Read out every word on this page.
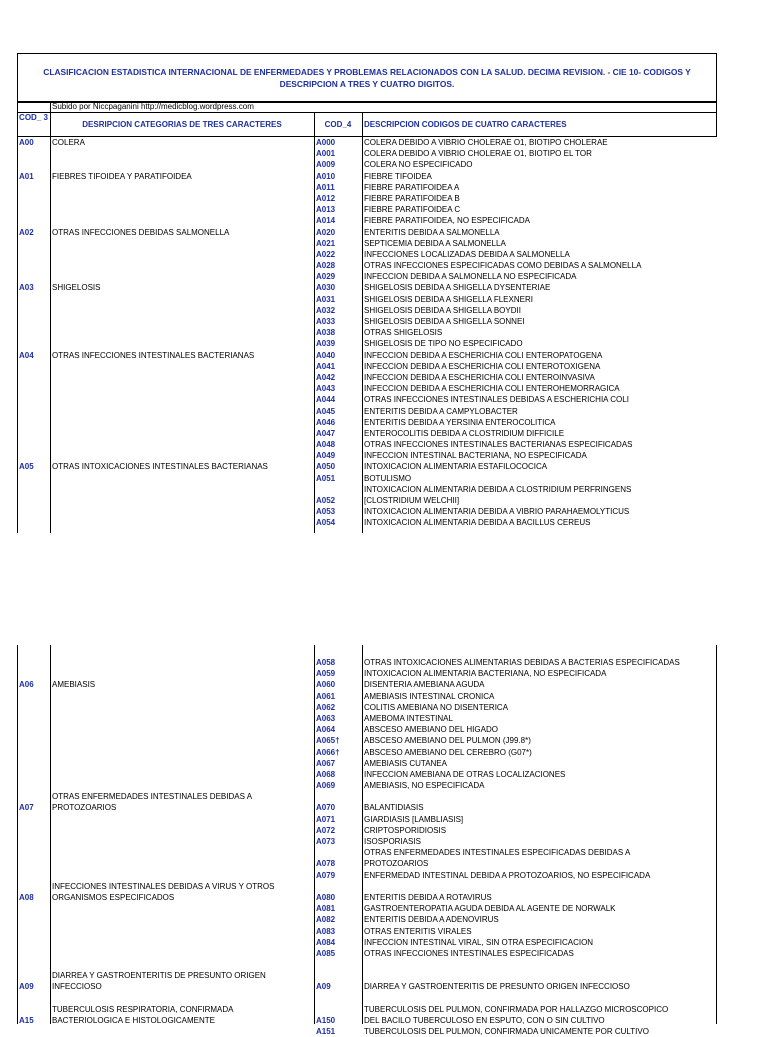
CLASIFICACION ESTADISTICA INTERNACIONAL DE ENFERMEDADES Y PROBLEMAS RELACIONADOS CON LA SALUD. DECIMA REVISION. - CIE 10- CODIGOS Y DESCRIPCION A TRES Y CUATRO DIGITOS.
Subido por Niccpaganini http://medicblog.wordpress.com
COD_ 3
DESRIPCION CATEGORIAS DE TRES CARACTERES	COD_4	DESCRIPCION CODIGOS DE CUATRO CARACTERES
A00 COLERA	A000	COLERA DEBIDO A VIBRIO CHOLERAE O1, BIOTIPO CHOLERAE
A001	COLERA DEBIDO A VIBRIO CHOLERAE O1, BIOTIPO EL TOR
A009	COLERA NO ESPECIFICADO
A01 FIEBRES TIFOIDEA Y PARATIFOIDEA	A010	FIEBRE TIFOIDEA
A011	FIEBRE PARATIFOIDEA A
A012	FIEBRE PARATIFOIDEA B
A013	FIEBRE PARATIFOIDEA C
A014	FIEBRE PARATIFOIDEA, NO ESPECIFICADA
A02 OTRAS INFECCIONES DEBIDAS SALMONELLA	A020	ENTERITIS DEBIDA A SALMONELLA
A021	SEPTICEMIA DEBIDA A SALMONELLA
A022	INFECCIONES LOCALIZADAS DEBIDA A SALMONELLA
A028	OTRAS INFECCIONES ESPECIFICADAS COMO DEBIDAS A SALMONELLA
A029	INFECCION DEBIDA A SALMONELLA NO ESPECIFICADA
A03 SHIGELOSIS	A030	SHIGELOSIS DEBIDA A SHIGELLA DYSENTERIAE
A031	SHIGELOSIS DEBIDA A SHIGELLA FLEXNERI
A032	SHIGELOSIS DEBIDA A SHIGELLA BOYDII
A033	SHIGELOSIS DEBIDA A SHIGELLA SONNEI
A038	OTRAS SHIGELOSIS
A039	SHIGELOSIS DE TIPO NO ESPECIFICADO
A04 OTRAS INFECCIONES INTESTINALES BACTERIANAS	A040	INFECCION DEBIDA A ESCHERICHIA COLI ENTEROPATOGENA
A041	INFECCION DEBIDA A ESCHERICHIA COLI ENTEROTOXIGENA
A042	INFECCION DEBIDA A ESCHERICHIA COLI ENTEROINVASIVA
A043	INFECCION DEBIDA A ESCHERICHIA COLI ENTEROHEMORRAGICA
A044	OTRAS INFECCIONES INTESTINALES DEBIDAS A ESCHERICHIA COLI
A045	ENTERITIS DEBIDA A CAMPYLOBACTER
A046	ENTERITIS DEBIDA A YERSINIA ENTEROCOLITICA
A047	ENTEROCOLITIS DEBIDA A CLOSTRIDIUM DIFFICILE
A048	OTRAS INFECCIONES INTESTINALES BACTERIANAS ESPECIFICADAS
A049	INFECCION INTESTINAL BACTERIANA, NO ESPECIFICADA
A05 OTRAS INTOXICACIONES INTESTINALES BACTERIANAS	A050	INTOXICACION ALIMENTARIA ESTAFILOCOCICA
A051	BOTULISMO
INTOXICACION ALIMENTARIA DEBIDA A CLOSTRIDIUM PERFRINGENS
A052	[CLOSTRIDIUM WELCHII]
A053	INTOXICACION ALIMENTARIA DEBIDA A VIBRIO PARAHAEMOLYTICUS
A054	INTOXICACION ALIMENTARIA DEBIDA A BACILLUS CEREUS
A058	OTRAS INTOXICACIONES ALIMENTARIAS DEBIDAS A BACTERIAS ESPECIFICADAS
A059	INTOXICACION ALIMENTARIA BACTERIANA, NO ESPECIFICADA
A06 AMEBIASIS	A060	DISENTERIA AMEBIANA AGUDA
A061	AMEBIASIS INTESTINAL CRONICA
A062	COLITIS AMEBIANA NO DISENTERICA
A063	AMEBOMA INTESTINAL
A064	ABSCESO AMEBIANO DEL HIGADO
A065†	ABSCESO AMEBIANO DEL PULMON (J99.8*)
A066†	ABSCESO AMEBIANO DEL CEREBRO (G07*)
A067	AMEBIASIS CUTANEA
A068	INFECCION AMEBIANA DE OTRAS LOCALIZACIONES
A069	AMEBIASIS, NO ESPECIFICADA
OTRAS ENFERMEDADES INTESTINALES DEBIDAS A
A07 PROTOZOARIOS	A070	BALANTIDIASIS
A071	GIARDIASIS [LAMBLIASIS]
A072	CRIPTOSPORIDIOSIS
A073	ISOSPORIASIS
OTRAS ENFERMEDADES INTESTINALES ESPECIFICADAS DEBIDAS A
A078	PROTOZOARIOS
A079	ENFERMEDAD INTESTINAL DEBIDA A PROTOZOARIOS, NO ESPECIFICADA
INFECCIONES INTESTINALES DEBIDAS A VIRUS Y OTROS
A08 ORGANISMOS ESPECIFICADOS	A080	ENTERITIS DEBIDA A ROTAVIRUS
A081	GASTROENTEROPATIA AGUDA DEBIDA AL AGENTE DE NORWALK
A082	ENTERITIS DEBIDA A ADENOVIRUS
A083	OTRAS ENTERITIS VIRALES
A084	INFECCION INTESTINAL VIRAL, SIN OTRA ESPECIFICACION
A085	OTRAS INFECCIONES INTESTINALES ESPECIFICADAS
DIARREA Y GASTROENTERITIS DE PRESUNTO ORIGEN
A09 INFECCIOSO	A09	DIARREA Y GASTROENTERITIS DE PRESUNTO ORIGEN INFECCIOSO
TUBERCULOSIS RESPIRATORIA, CONFIRMADA	TUBERCULOSIS DEL PULMON, CONFIRMADA POR HALLAZGO MICROSCOPICO
A15 BACTERIOLOGICA E HISTOLOGICAMENTE	A150	DEL BACILO TUBERCULOSO EN ESPUTO, CON O SIN CULTIVO
A151	TUBERCULOSIS DEL PULMON, CONFIRMADA UNICAMENTE POR CULTIVO
